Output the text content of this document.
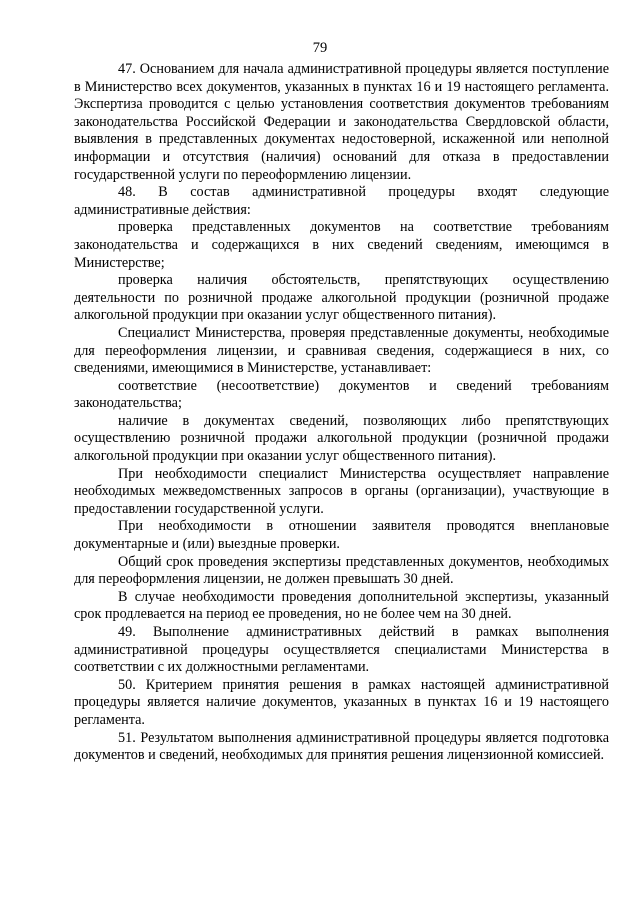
79

47. Основанием для начала административной процедуры является поступление в Министерство всех документов, указанных в пунктах 16 и 19 настоящего регламента. Экспертиза проводится с целью установления соответствия документов требованиям законодательства Российской Федерации и законодательства Свердловской области, выявления в представленных документах недостоверной, искаженной или неполной информации и отсутствия (наличия) оснований для отказа в предоставлении государственной услуги по переоформлению лицензии.

48. В состав административной процедуры входят следующие административные действия:

проверка представленных документов на соответствие требованиям законодательства и содержащихся в них сведений сведениям, имеющимся в Министерстве;

проверка наличия обстоятельств, препятствующих осуществлению деятельности по розничной продаже алкогольной продукции (розничной продаже алкогольной продукции при оказании услуг общественного питания).

Специалист Министерства, проверяя представленные документы, необходимые для переоформления лицензии, и сравнивая сведения, содержащиеся в них, со сведениями, имеющимися в Министерстве, устанавливает:

соответствие (несоответствие) документов и сведений требованиям законодательства;

наличие в документах сведений, позволяющих либо препятствующих осуществлению розничной продажи алкогольной продукции (розничной продажи алкогольной продукции при оказании услуг общественного питания).

При необходимости специалист Министерства осуществляет направление необходимых межведомственных запросов в органы (организации), участвующие в предоставлении государственной услуги.

При необходимости в отношении заявителя проводятся внеплановые документарные и (или) выездные проверки.

Общий срок проведения экспертизы представленных документов, необходимых для переоформления лицензии, не должен превышать 30 дней.

В случае необходимости проведения дополнительной экспертизы, указанный срок продлевается на период ее проведения, но не более чем на 30 дней.

49. Выполнение административных действий в рамках выполнения административной процедуры осуществляется специалистами Министерства в соответствии с их должностными регламентами.

50. Критерием принятия решения в рамках настоящей административной процедуры является наличие документов, указанных в пунктах 16 и 19 настоящего регламента.

51. Результатом выполнения административной процедуры является подготовка документов и сведений, необходимых для принятия решения лицензионной комиссией.
